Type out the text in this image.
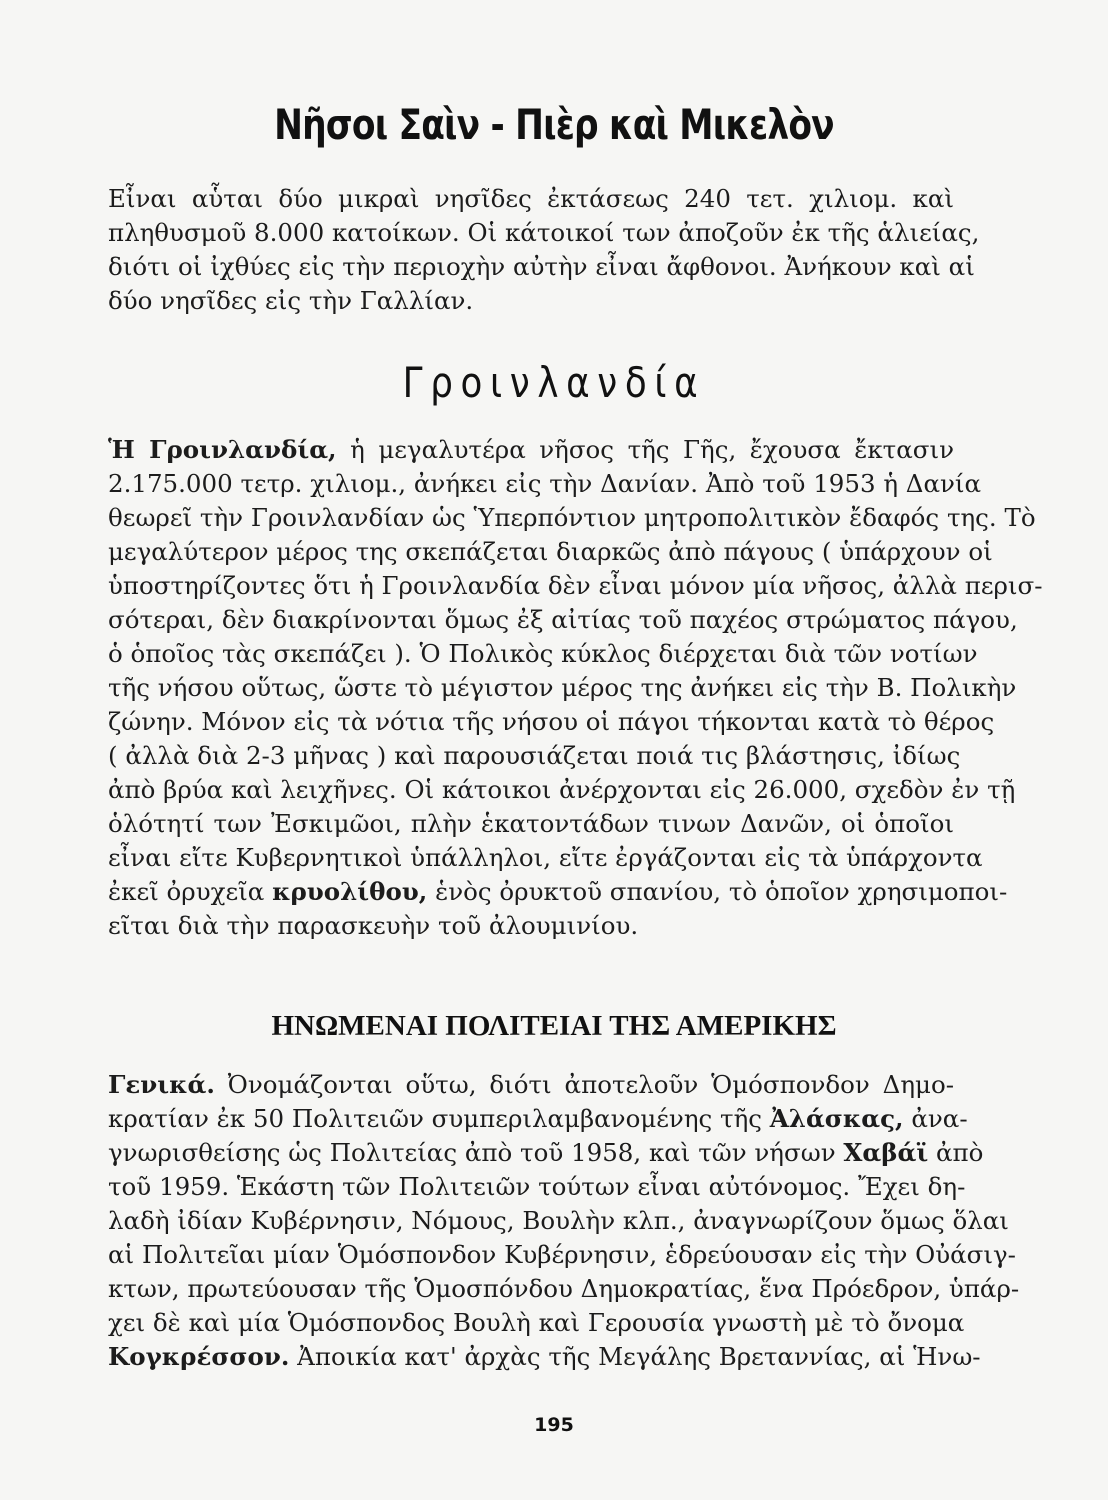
Νῆσοι Σαὶν - Πιὲρ καὶ Μικελὸν
Εἶναι αὗται δύο μικραὶ νησῖδες ἐκτάσεως 240 τετ. χιλιομ. καὶ
πληθυσμοῦ 8.000 κατοίκων. Οἱ κάτοικοί των ἀποζοῦν ἐκ τῆς ἁλιείας,
διότι οἱ ἰχθύες εἰς τὴν περιοχὴν αὐτὴν εἶναι ἄφθονοι. Ἀνήκουν καὶ αἱ
δύο νησῖδες εἰς τὴν Γαλλίαν.
Γροινλανδία
Ἡ Γροινλανδία, ἡ μεγαλυτέρα νῆσος τῆς Γῆς, ἔχουσα ἔκτασιν
2.175.000 τετρ. χιλιομ., ἀνήκει εἰς τὴν Δανίαν. Ἀπὸ τοῦ 1953 ἡ Δανία
θεωρεῖ τὴν Γροινλανδίαν ὡς Ὑπερπόντιον μητροπολιτικὸν ἔδαφός της. Τὸ
μεγαλύτερον μέρος της σκεπάζεται διαρκῶς ἀπὸ πάγους ( ὑπάρχουν οἱ
ὑποστηρίζοντες ὅτι ἡ Γροινλανδία δὲν εἶναι μόνον μία νῆσος, ἀλλὰ περισ-
σότεραι, δὲν διακρίνονται ὅμως ἐξ αἰτίας τοῦ παχέος στρώματος πάγου,
ὁ ὁποῖος τὰς σκεπάζει ). Ὁ Πολικὸς κύκλος διέρχεται διὰ τῶν νοτίων
τῆς νήσου οὕτως, ὥστε τὸ μέγιστον μέρος της ἀνήκει εἰς τὴν Β. Πολικὴν
ζώνην. Μόνον εἰς τὰ νότια τῆς νήσου οἱ πάγοι τήκονται κατὰ τὸ θέρος
( ἀλλὰ διὰ 2-3 μῆνας ) καὶ παρουσιάζεται ποιά τις βλάστησις, ἰδίως
ἀπὸ βρύα καὶ λειχῆνες. Οἱ κάτοικοι ἀνέρχονται εἰς 26.000, σχεδὸν ἐν τῇ
ὁλότητί των Ἐσκιμῶοι, πλὴν ἑκατοντάδων τινων Δανῶν, οἱ ὁποῖοι
εἶναι εἴτε Κυβερνητικοὶ ὑπάλληλοι, εἴτε ἐργάζονται εἰς τὰ ὑπάρχοντα
ἐκεῖ ὀρυχεῖα κρυολίθου, ἑνὸς ὀρυκτοῦ σπανίου, τὸ ὁποῖον χρησιμοποι-
εῖται διὰ τὴν παρασκευὴν τοῦ ἀλουμινίου.
ΗΝΩΜΕΝΑΙ ΠΟΛΙΤΕΙΑΙ ΤΗΣ ΑΜΕΡΙΚΗΣ
Γενικά. Ὀνομάζονται οὕτω, διότι ἀποτελοῦν Ὁμόσπονδον Δημο-
κρατίαν ἐκ 50 Πολιτειῶν συμπεριλαμβανομένης τῆς Ἀλάσκας, ἀνα-
γνωρισθείσης ὡς Πολιτείας ἀπὸ τοῦ 1958, καὶ τῶν νήσων Χαβάϊ ἀπὸ
τοῦ 1959. Ἑκάστη τῶν Πολιτειῶν τούτων εἶναι αὐτόνομος. Ἔχει δη-
λαδὴ ἰδίαν Κυβέρνησιν, Νόμους, Βουλὴν κλπ., ἀναγνωρίζουν ὅμως ὅλαι
αἱ Πολιτεῖαι μίαν Ὁμόσπονδον Κυβέρνησιν, ἑδρεύουσαν εἰς τὴν Οὐάσιγ-
κτων, πρωτεύουσαν τῆς Ὁμοσπόνδου Δημοκρατίας, ἕνα Πρόεδρον, ὑπάρ-
χει δὲ καὶ μία Ὁμόσπονδος Βουλὴ καὶ Γερουσία γνωστὴ μὲ τὸ ὄνομα
Κογκρέσσον. Ἀποικία κατ' ἀρχὰς τῆς Μεγάλης Βρεταννίας, αἱ Ἡνω-
195
